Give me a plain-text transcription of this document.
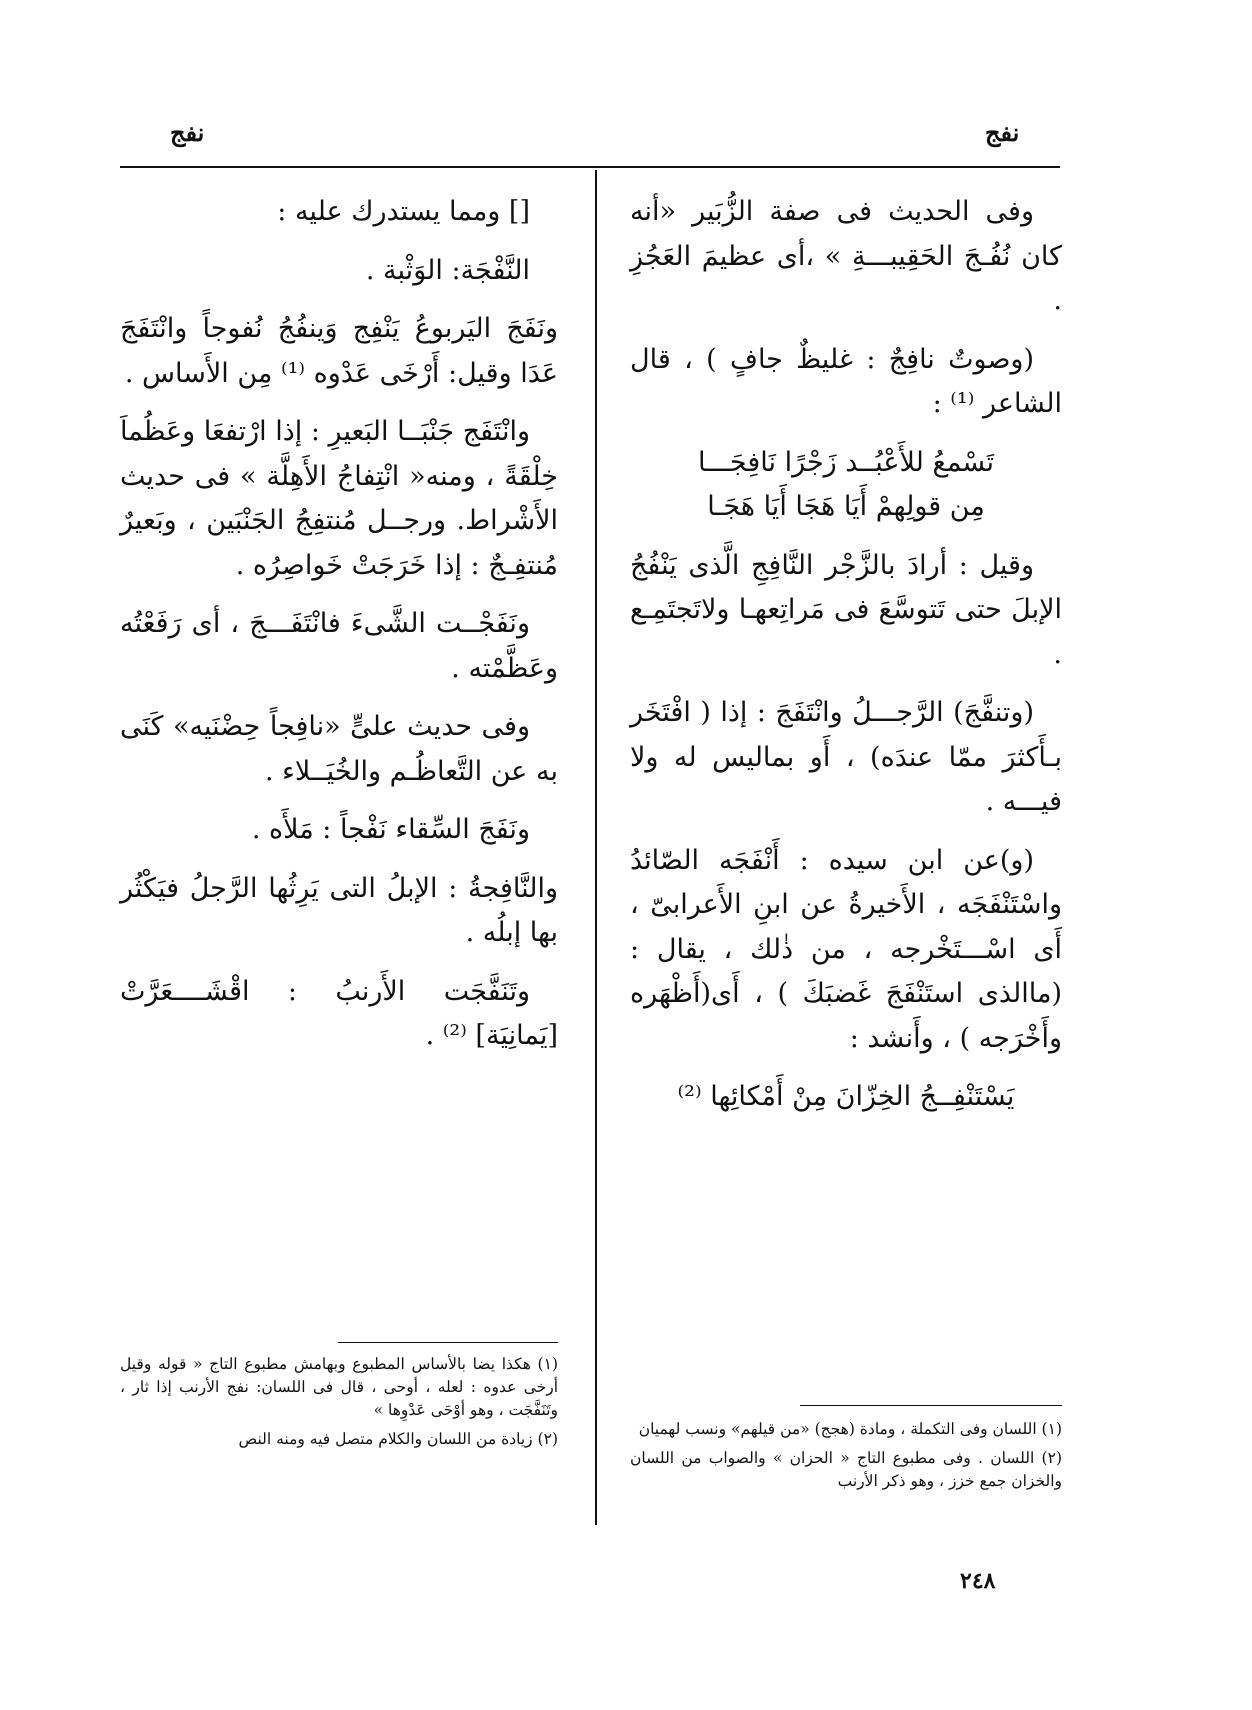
نفج
نفج

وفى الحديث فى صفة الزُّبَير «أنه كان نُفُـجَ الحَقِيبـــةِ » ،أى عظيمَ العَجُزِ .

(وصوتٌ نافِجٌ : غليظٌ جافٍ ) ، قال الشاعر ⁽¹⁾ :

تَسْمعُ للأَعْبُــد زَجْرًا نَافِجَـــا
مِن قولِهمْ أَيَا هَجَا أَيَا هَجَـا

وقيل : أرادَ بالزَّجْر النَّافِجِ الَّذى يَنْفُجُ الإبلَ حتى تَتوسَّعَ فى مَراتِعهـا ولاتَجتَمِـع .

(وتنفَّجَ) الرَّجـــلُ وانْتَفَجَ : إذا ( افْتَخَر بـأَكثرَ ممّا عندَه) ، أَو بماليس له ولا فيـــه .

(و)عن ابن سيده : أَنْفَجَه الصّائدُ واسْتَنْفَجَه ، الأَخيرةُ عن ابنِ الأَعرابىّ ، أَى اسْـــتَخْرجه ، من ذٰلك ، يقال : (ماالذى استَنْفَجَ غَضبَكَ ) ، أَى(أَظْهَره وأَخْرَجه ) ، وأَنشد :

يَسْتَنْفِــجُ الخِزّانَ مِنْ أَمْكائِها ⁽²⁾

(١) اللسان وفى التكملة ، ومادة (هجج) «من قيلهم» ونسب لهميان

(٢) اللسان . وفى مطبوع التاج « الحزان » والصواب من اللسان والخزان جمع خزز ، وهو ذكر الأرنب

[] ومما يستدرك عليه :

النَّفْجَة: الوَثْبة .

ونَفَجَ اليَربوعُ يَنْفِج وَينفُجُ نُفوجاً وانْتَفَجَ عَدَا وقيل: أَرْخَى عَدْوه ⁽¹⁾ مِن الأَساس .

وانْتَفَج جَنْبَــا البَعيرِ : إذا ارْتفعَا وعَظُماَ خِلْقَةً ، ومنه« انْتِفاجُ الأَهِلَّة » فى حديث الأَشْراط. ورجــل مُنتفِجُ الجَنْبَين ، وبَعيرٌ مُنتفِـجٌ : إذا خَرَجَتْ خَواصِرُه .

ونَفَجْــت الشَّىءَ فانْتَفَـــجَ ، أى رَفَعْتُه وعَظَّمْته .

وفى حديث علىٍّ «نافِجاً حِضْنَيه» كَنَى به عن التَّعاظُـم والخُيَــلاء .

ونَفَجَ السِّقاء نَفْجاً : مَلأَه .

والنَّافِجةُ : الإبلُ التى يَرِثُها الرَّجلُ فيَكْثُر بها إبلُه .

وتَنَفَّجَت الأَرنبُ : اقْشَــــعَرَّتْ [يَمانِيَة] ⁽²⁾ .

(١) هكذا يضا بالأساس المطبوع وبهامش مطبوع التاج « قوله وقيل أرخى عدوه : لعله ، أوحى ، قال فى اللسان: نفج الأرنب إذا ثار ، وتَنَفَّجَت ، وهو أوْحَى عَدْوِها »

(٢) زيادة من اللسان والكلام متصل فيه ومنه النص

٢٤٨
